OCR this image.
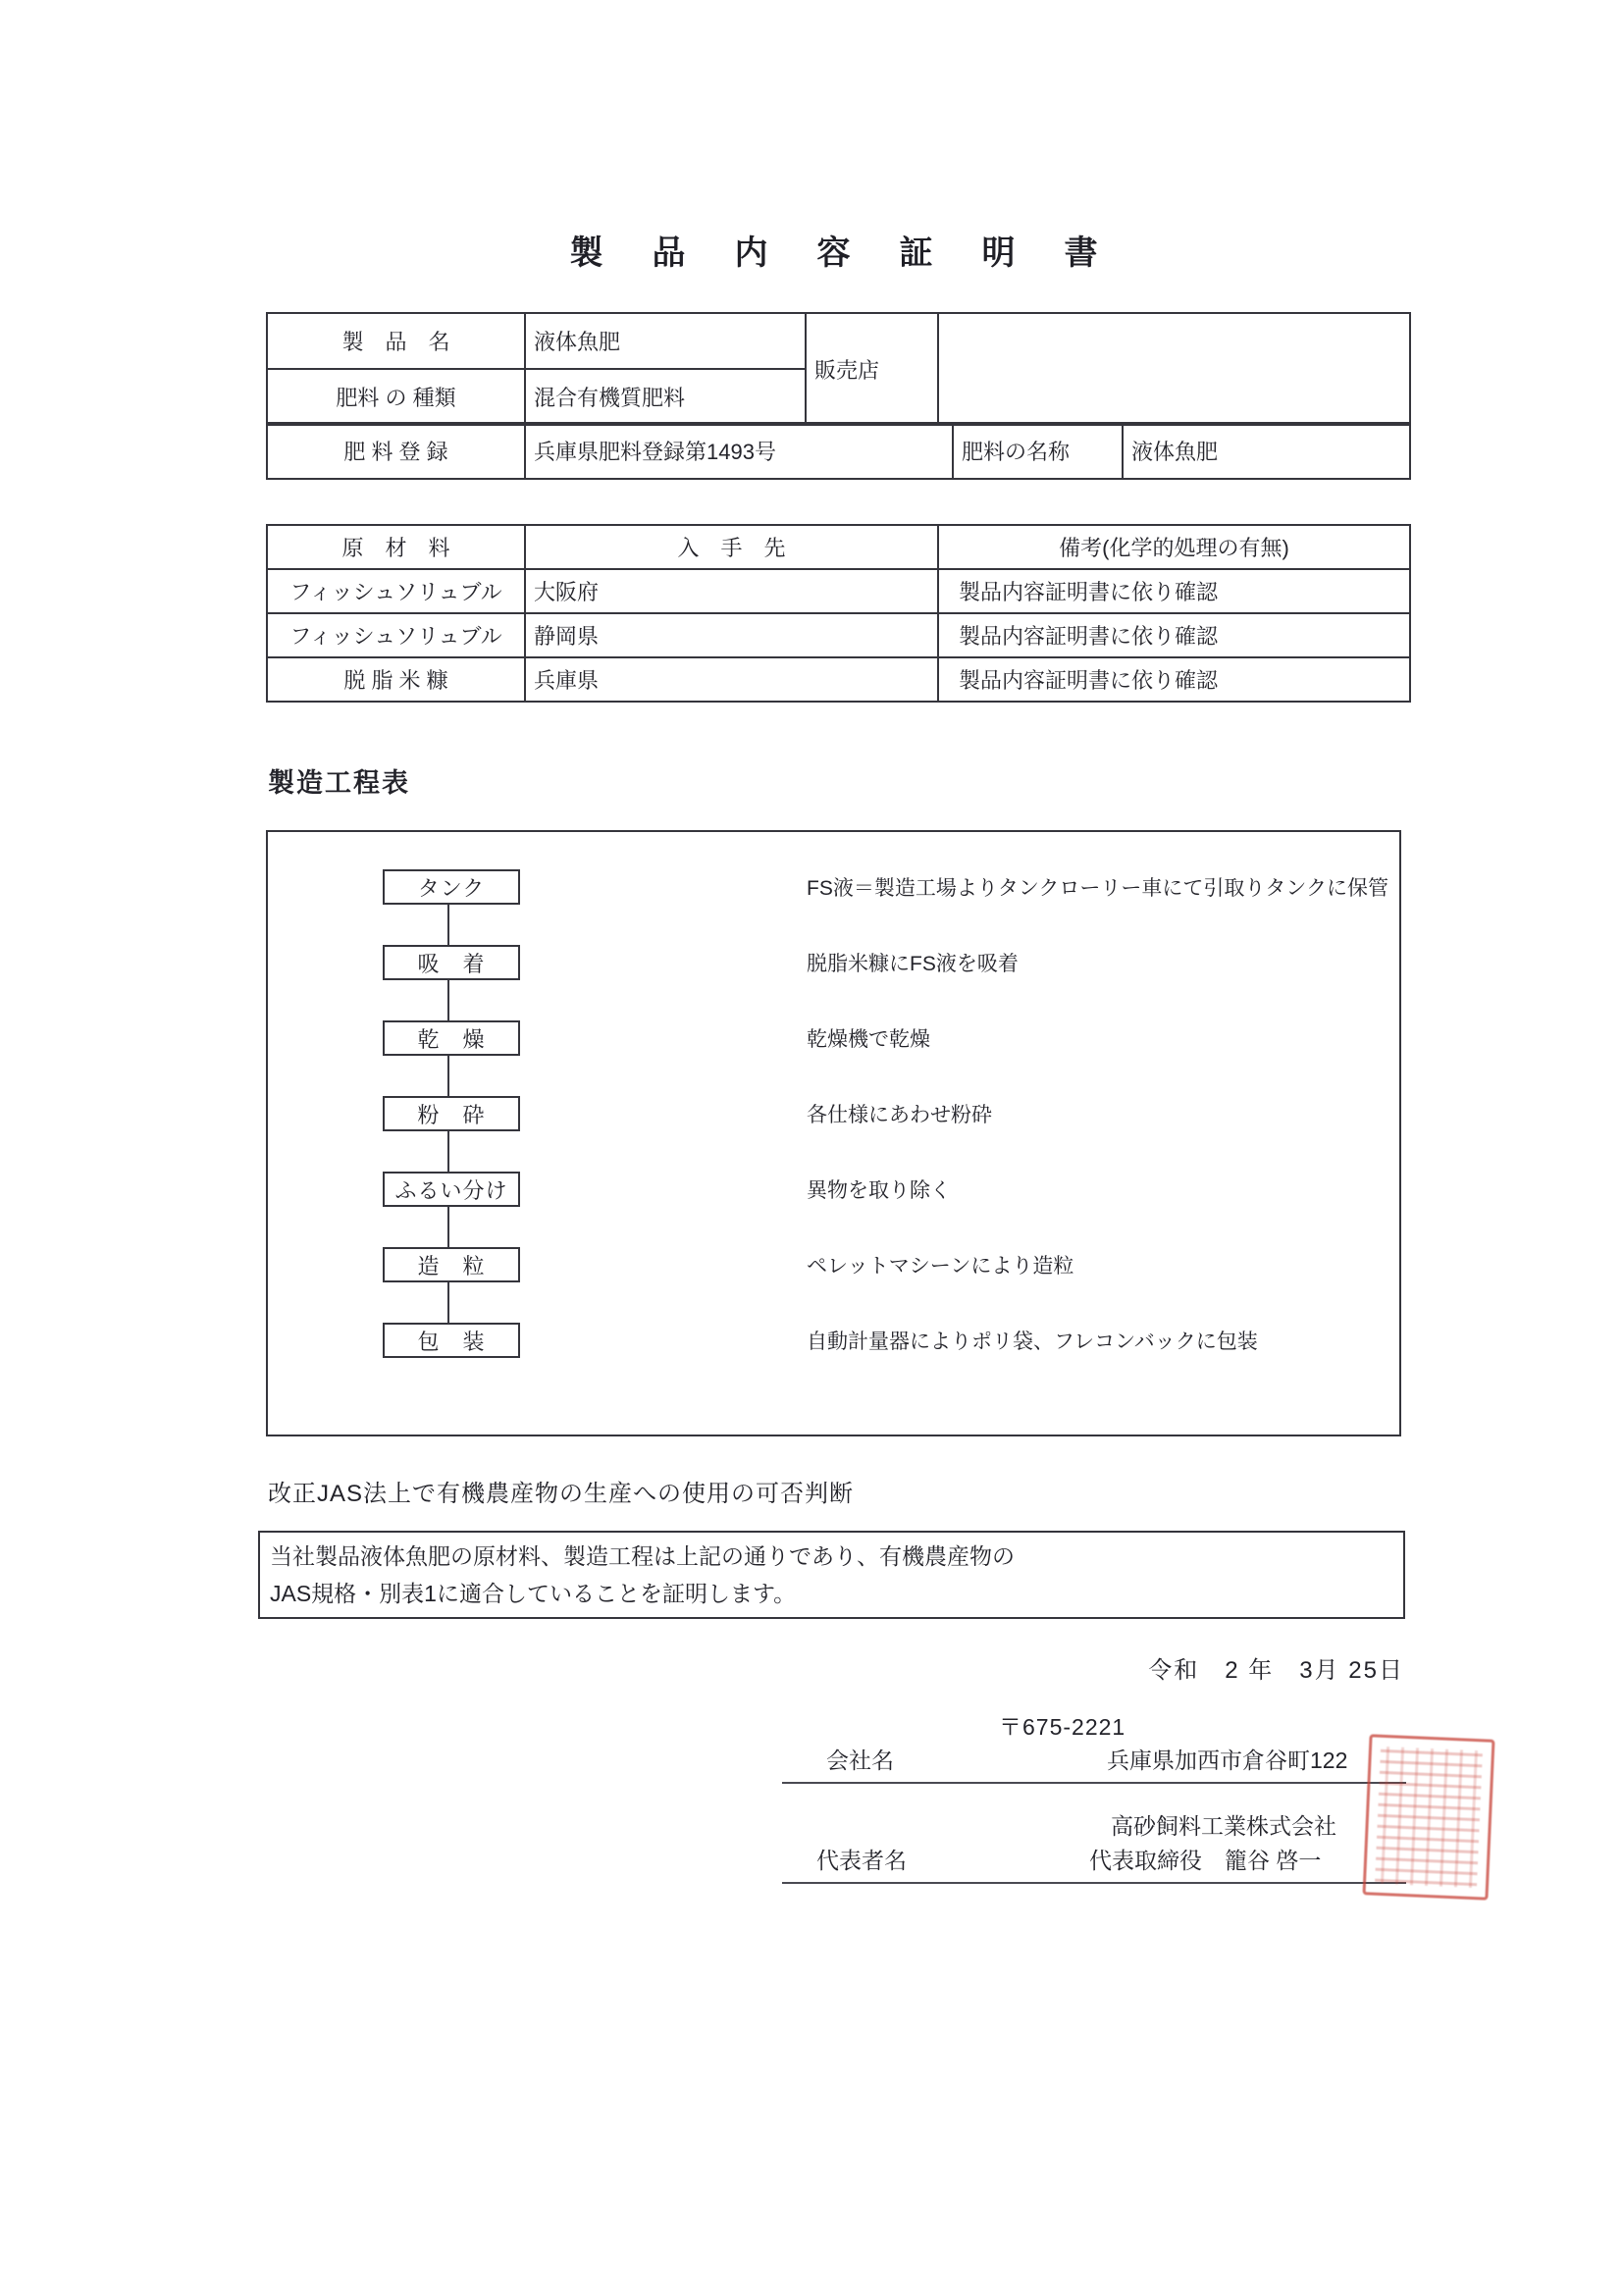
製　品　内　容　証　明　書
製　品　名	液体魚肥	販売店	
肥料 の 種類	混合有機質肥料		
肥 料 登 録	兵庫県肥料登録第1493号	肥料の名称	液体魚肥
原　材　料	入　手　先	備考(化学的処理の有無)
フィッシュソリュブル	大阪府	製品内容証明書に依り確認
フィッシュソリュブル	静岡県	製品内容証明書に依り確認
脱 脂 米 糠	兵庫県	製品内容証明書に依り確認
製造工程表
タンク	FS液＝製造工場よりタンクローリー車にて引取りタンクに保管
吸　着	脱脂米糠にFS液を吸着
乾　燥	乾燥機で乾燥
粉　砕	各仕様にあわせ粉砕
ふるい分け	異物を取り除く
造　粒	ペレットマシーンにより造粒
包　装	自動計量器によりポリ袋、フレコンバックに包装
改正JAS法上で有機農産物の生産への使用の可否判断
当社製品液体魚肥の原材料、製造工程は上記の通りであり、有機農産物の
JAS規格・別表1に適合していることを証明します。
令和　2 年　3月 25日
〒675-2221
会社名	兵庫県加西市倉谷町122
高砂飼料工業株式会社
代表者名	代表取締役　籠谷 啓一
